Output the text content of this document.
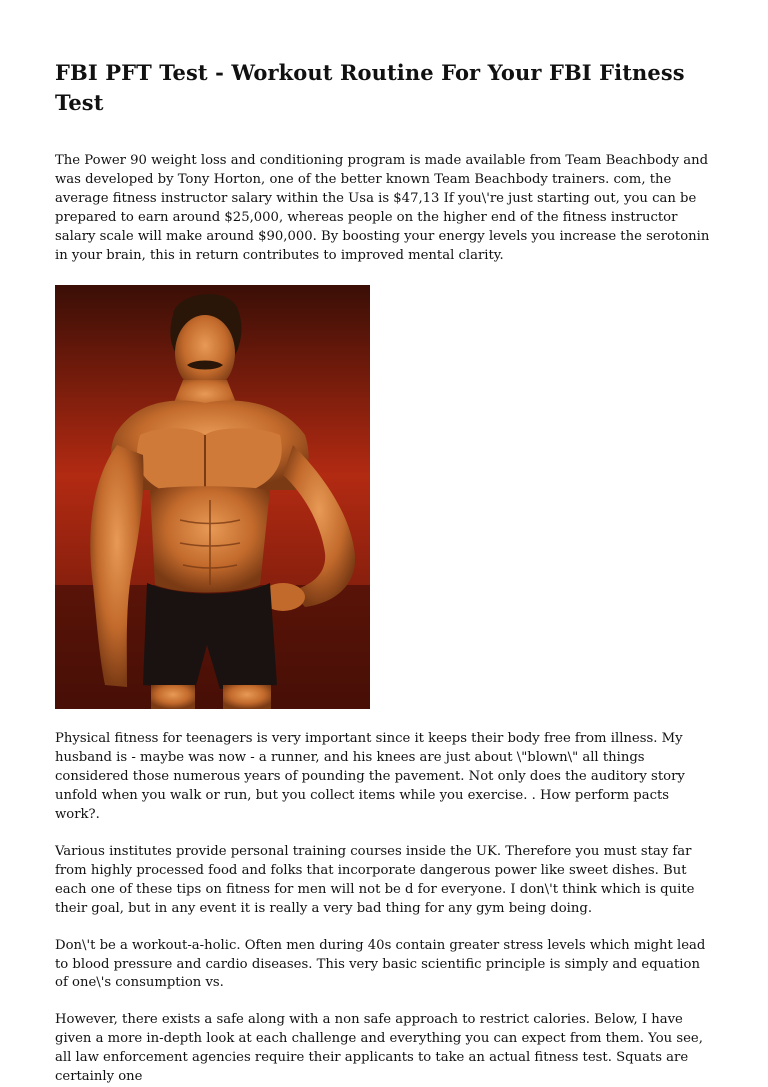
FBI PFT Test - Workout Routine For Your FBI Fitness Test

The Power 90 weight loss and conditioning program is made available from Team Beachbody and was developed by Tony Horton, one of the better known Team Beachbody trainers. com, the average fitness instructor salary within the Usa is $47,13 If you\'re just starting out, you can be prepared to earn around $25,000, whereas people on the higher end of the fitness instructor salary scale will make around $90,000. By boosting your energy levels you increase the serotonin in your brain, this in return contributes to improved mental clarity.

Physical fitness for teenagers is very important since it keeps their body free from illness. My husband is - maybe was now - a runner, and his knees are just about \"blown\" all things considered those numerous years of pounding the pavement. Not only does the auditory story unfold when you walk or run, but you collect items while you exercise. . How perform pacts work?.

Various institutes provide personal training courses inside the UK. Therefore you must stay far from highly processed food and folks that incorporate dangerous power like sweet dishes. But each one of these tips on fitness for men will not be d for everyone. I don\'t think which is quite their goal, but in any event it is really a very bad thing for any gym being doing.

Don\'t be a workout-a-holic. Often men during 40s contain greater stress levels which might lead to blood pressure and cardio diseases. This very basic scientific principle is simply and equation of one\'s consumption vs.

However, there exists a safe along with a non safe approach to restrict calories. Below, I have given a more in-depth look at each challenge and everything you can expect from them. You see, all law enforcement agencies require their applicants to take an actual fitness test. Squats are certainly one
